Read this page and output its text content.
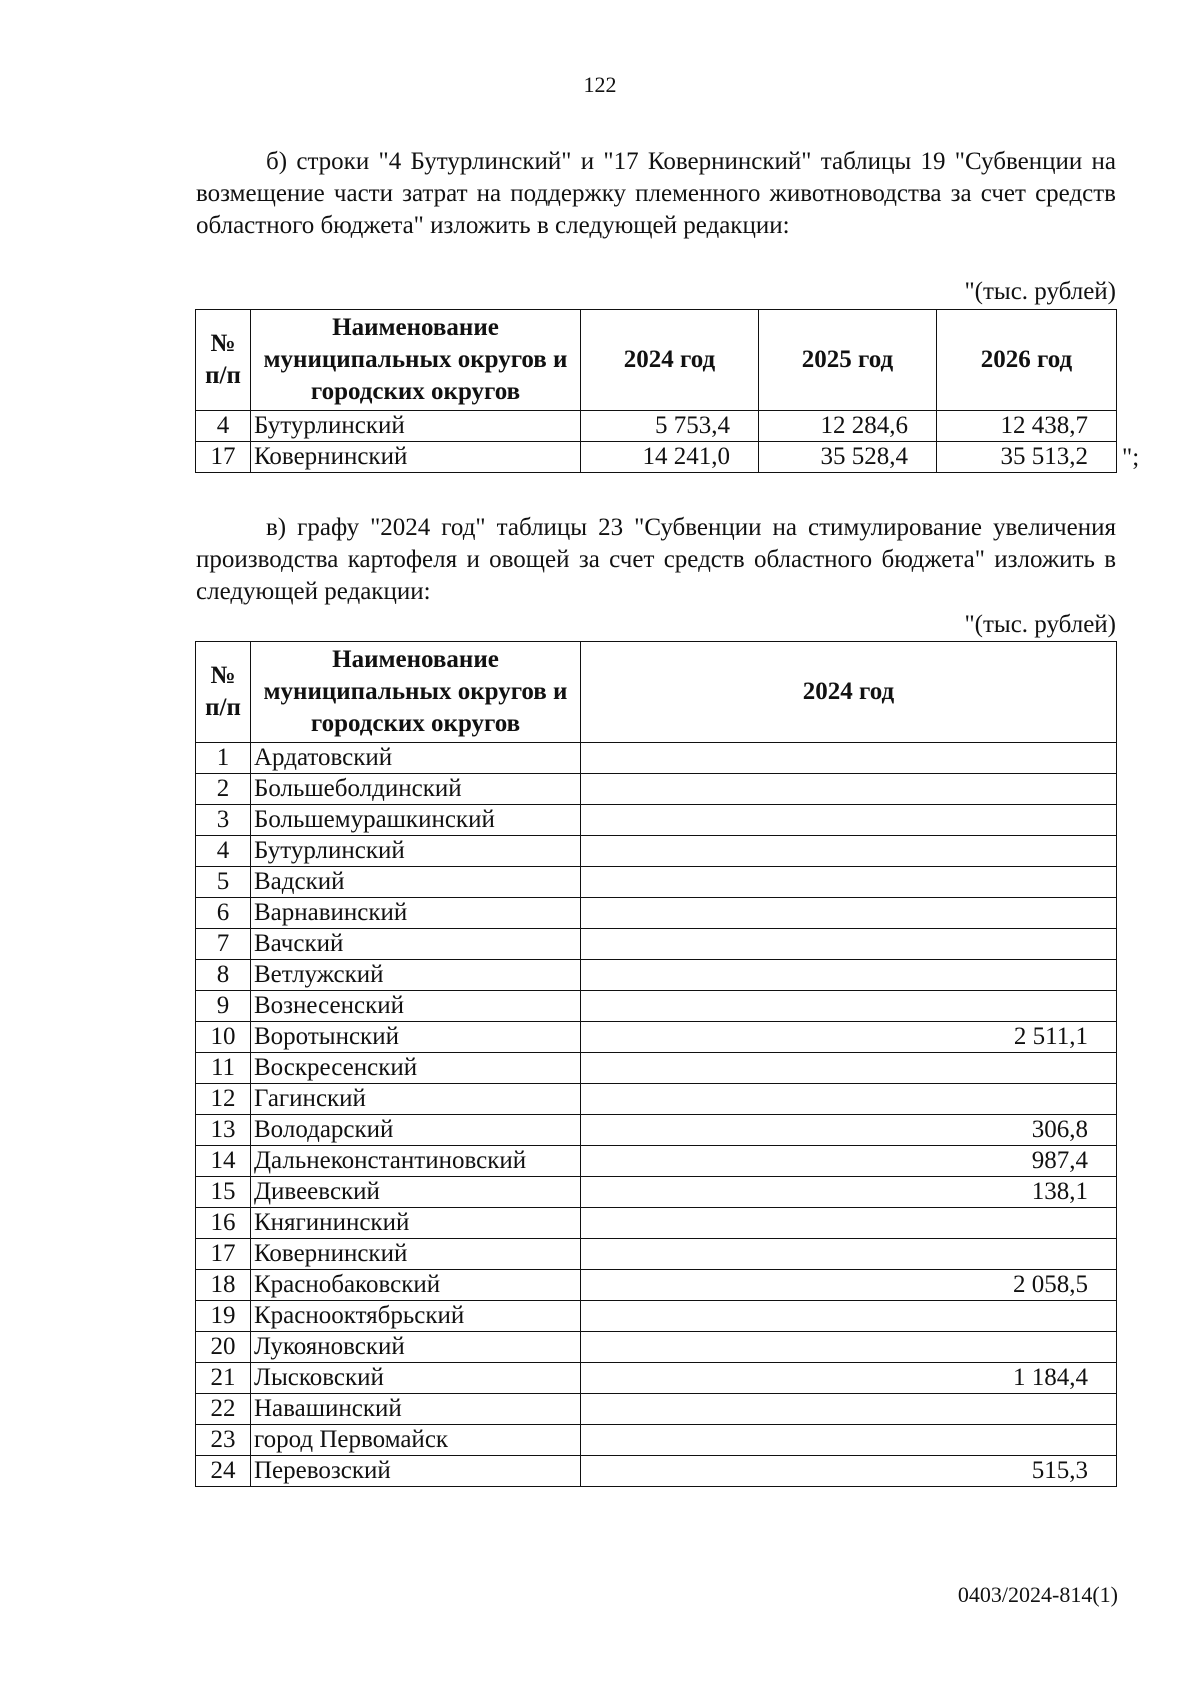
122

б) строки "4 Бутурлинский" и "17 Ковернинский" таблицы 19 "Субвенции на возмещение части затрат на поддержку племенного животноводства за счет средств областного бюджета" изложить в следующей редакции:

"(тыс. рублей)
№ п/п	Наименование муниципальных округов и городских округов	2024 год	2025 год	2026 год
4	Бутурлинский	5 753,4	12 284,6	12 438,7
17	Ковернинский	14 241,0	35 528,4	35 513,2 ";

в) графу "2024 год" таблицы 23 "Субвенции на стимулирование увеличения производства картофеля и овощей за счет средств областного бюджета" изложить в следующей редакции:

"(тыс. рублей)
№ п/п	Наименование муниципальных округов и городских округов	2024 год
1	Ардатовский	
2	Большеболдинский	
3	Большемурашкинский	
4	Бутурлинский	
5	Вадский	
6	Варнавинский	
7	Вачский	
8	Ветлужский	
9	Вознесенский	
10	Воротынский	2 511,1
11	Воскресенский	
12	Гагинский	
13	Володарский	306,8
14	Дальнеконстантиновский	987,4
15	Дивеевский	138,1
16	Княгининский	
17	Ковернинский	
18	Краснобаковский	2 058,5
19	Краснооктябрьский	
20	Лукояновский	
21	Лысковский	1 184,4
22	Навашинский	
23	город Первомайск	
24	Перевозский	515,3
0403/2024-814(1)
